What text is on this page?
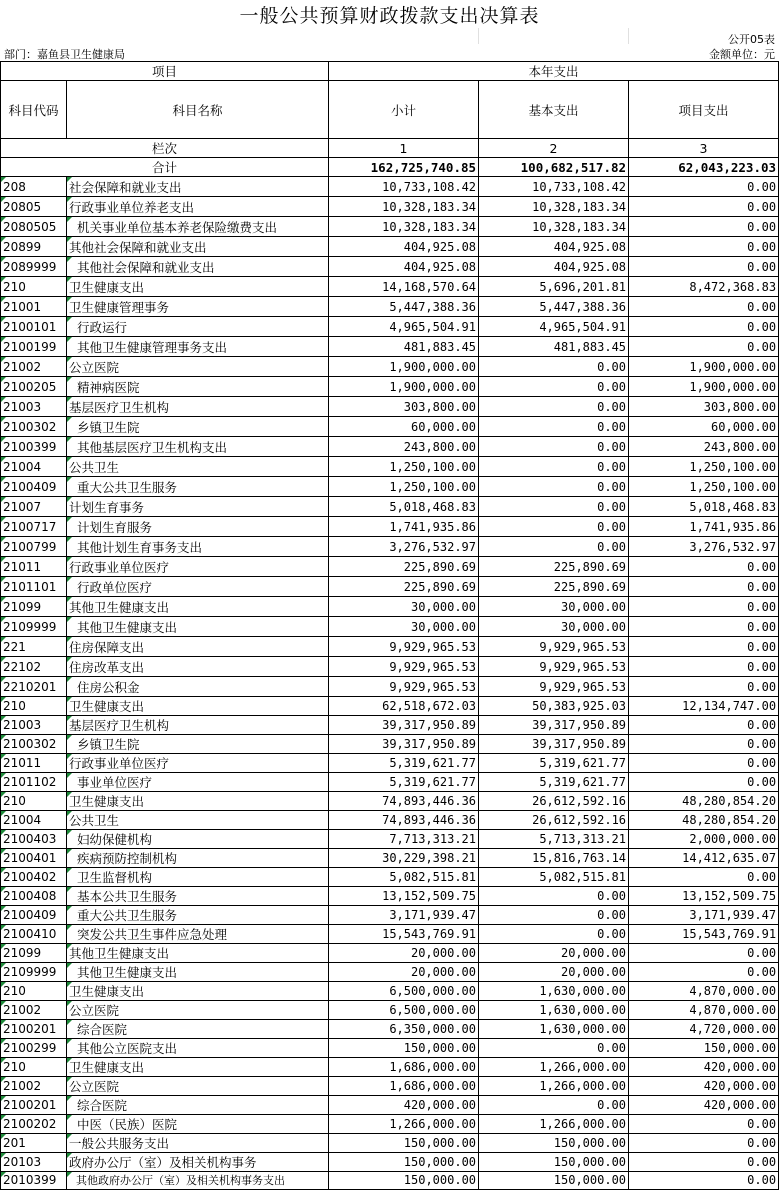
一般公共预算财政拨款支出决算表
公开05表
部门：嘉鱼县卫生健康局	金额单位：元
项目		本年支出		
科目代码	科目名称	小计	基本支出	项目支出
栏次		1	2	3
合计		162,725,740.85	100,682,517.82	62,043,223.03
208	社会保障和就业支出	10,733,108.42	10,733,108.42	0.00
20805	行政事业单位养老支出	10,328,183.34	10,328,183.34	0.00
2080505	机关事业单位基本养老保险缴费支出	10,328,183.34	10,328,183.34	0.00
20899	其他社会保障和就业支出	404,925.08	404,925.08	0.00
2089999	其他社会保障和就业支出	404,925.08	404,925.08	0.00
210	卫生健康支出	14,168,570.64	5,696,201.81	8,472,368.83
21001	卫生健康管理事务	5,447,388.36	5,447,388.36	0.00
2100101	行政运行	4,965,504.91	4,965,504.91	0.00
2100199	其他卫生健康管理事务支出	481,883.45	481,883.45	0.00
21002	公立医院	1,900,000.00	0.00	1,900,000.00
2100205	精神病医院	1,900,000.00	0.00	1,900,000.00
21003	基层医疗卫生机构	303,800.00	0.00	303,800.00
2100302	乡镇卫生院	60,000.00	0.00	60,000.00
2100399	其他基层医疗卫生机构支出	243,800.00	0.00	243,800.00
21004	公共卫生	1,250,100.00	0.00	1,250,100.00
2100409	重大公共卫生服务	1,250,100.00	0.00	1,250,100.00
21007	计划生育事务	5,018,468.83	0.00	5,018,468.83
2100717	计划生育服务	1,741,935.86	0.00	1,741,935.86
2100799	其他计划生育事务支出	3,276,532.97	0.00	3,276,532.97
21011	行政事业单位医疗	225,890.69	225,890.69	0.00
2101101	行政单位医疗	225,890.69	225,890.69	0.00
21099	其他卫生健康支出	30,000.00	30,000.00	0.00
2109999	其他卫生健康支出	30,000.00	30,000.00	0.00
221	住房保障支出	9,929,965.53	9,929,965.53	0.00
22102	住房改革支出	9,929,965.53	9,929,965.53	0.00
2210201	住房公积金	9,929,965.53	9,929,965.53	0.00
210	卫生健康支出	62,518,672.03	50,383,925.03	12,134,747.00
21003	基层医疗卫生机构	39,317,950.89	39,317,950.89	0.00
2100302	乡镇卫生院	39,317,950.89	39,317,950.89	0.00
21011	行政事业单位医疗	5,319,621.77	5,319,621.77	0.00
2101102	事业单位医疗	5,319,621.77	5,319,621.77	0.00
210	卫生健康支出	74,893,446.36	26,612,592.16	48,280,854.20
21004	公共卫生	74,893,446.36	26,612,592.16	48,280,854.20
2100403	妇幼保健机构	7,713,313.21	5,713,313.21	2,000,000.00
2100401	疾病预防控制机构	30,229,398.21	15,816,763.14	14,412,635.07
2100402	卫生监督机构	5,082,515.81	5,082,515.81	0.00
2100408	基本公共卫生服务	13,152,509.75	0.00	13,152,509.75
2100409	重大公共卫生服务	3,171,939.47	0.00	3,171,939.47
2100410	突发公共卫生事件应急处理	15,543,769.91	0.00	15,543,769.91
21099	其他卫生健康支出	20,000.00	20,000.00	0.00
2109999	其他卫生健康支出	20,000.00	20,000.00	0.00
210	卫生健康支出	6,500,000.00	1,630,000.00	4,870,000.00
21002	公立医院	6,500,000.00	1,630,000.00	4,870,000.00
2100201	综合医院	6,350,000.00	1,630,000.00	4,720,000.00
2100299	其他公立医院支出	150,000.00	0.00	150,000.00
210	卫生健康支出	1,686,000.00	1,266,000.00	420,000.00
21002	公立医院	1,686,000.00	1,266,000.00	420,000.00
2100201	综合医院	420,000.00	0.00	420,000.00
2100202	中医（民族）医院	1,266,000.00	1,266,000.00	0.00
201	一般公共服务支出	150,000.00	150,000.00	0.00
20103	政府办公厅（室）及相关机构事务	150,000.00	150,000.00	0.00
2010399	其他政府办公厅（室）及相关机构事务支出	150,000.00	150,000.00	0.00
